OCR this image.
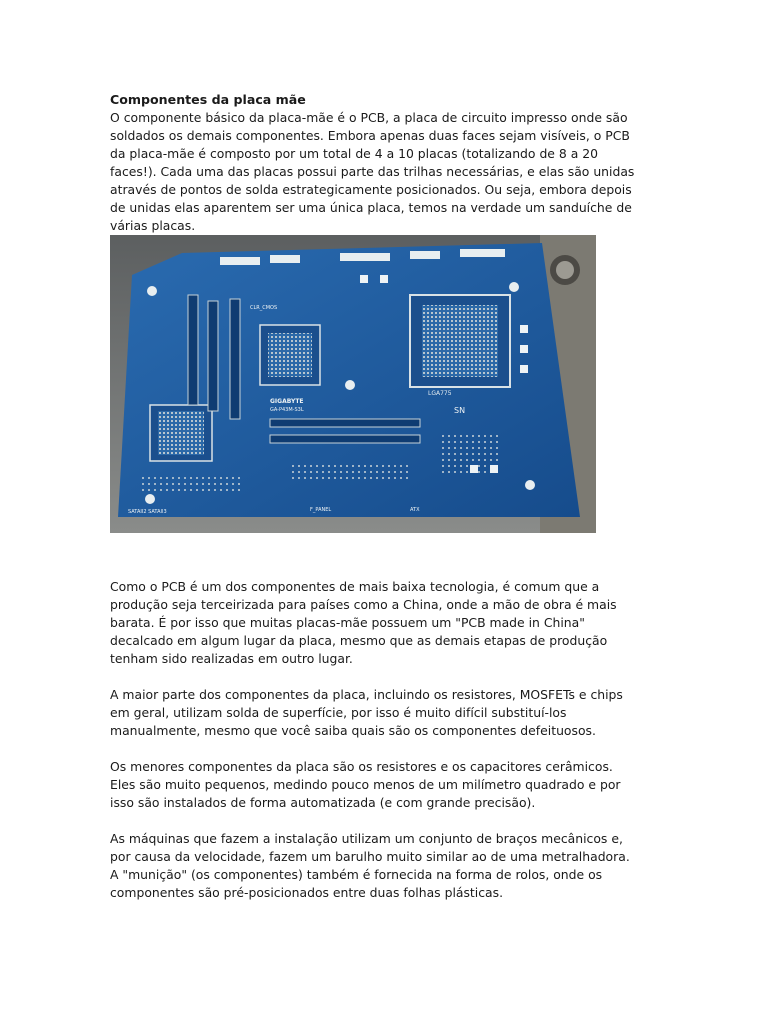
Componentes da placa mãe
O componente básico da placa-mãe é o PCB, a placa de circuito impresso onde são
soldados os demais componentes. Embora apenas duas faces sejam visíveis, o PCB
da placa-mãe é composto por um total de 4 a 10 placas (totalizando de 8 a 20
faces!). Cada uma das placas possui parte das trilhas necessárias, e elas são unidas
através de pontos de solda estrategicamente posicionados. Ou seja, embora depois
de unidas elas aparentem ser uma única placa, temos na verdade um sanduíche de
várias placas.
LGA775
GIGABYTE
GA-P43M-S3L	SN
SATAII2 SATAII3	F_PANEL	ATX
CLR_CMOS
Como o PCB é um dos componentes de mais baixa tecnologia, é comum que a
produção seja terceirizada para países como a China, onde a mão de obra é mais
barata. É por isso que muitas placas-mãe possuem um "PCB made in China"
decalcado em algum lugar da placa, mesmo que as demais etapas de produção
tenham sido realizadas em outro lugar.
A maior parte dos componentes da placa, incluindo os resistores, MOSFETs e chips
em geral, utilizam solda de superfície, por isso é muito difícil substituí-los
manualmente, mesmo que você saiba quais são os componentes defeituosos.
Os menores componentes da placa são os resistores e os capacitores cerâmicos.
Eles são muito pequenos, medindo pouco menos de um milímetro quadrado e por
isso são instalados de forma automatizada (e com grande precisão).
As máquinas que fazem a instalação utilizam um conjunto de braços mecânicos e,
por causa da velocidade, fazem um barulho muito similar ao de uma metralhadora.
A "munição" (os componentes) também é fornecida na forma de rolos, onde os
componentes são pré-posicionados entre duas folhas plásticas.
